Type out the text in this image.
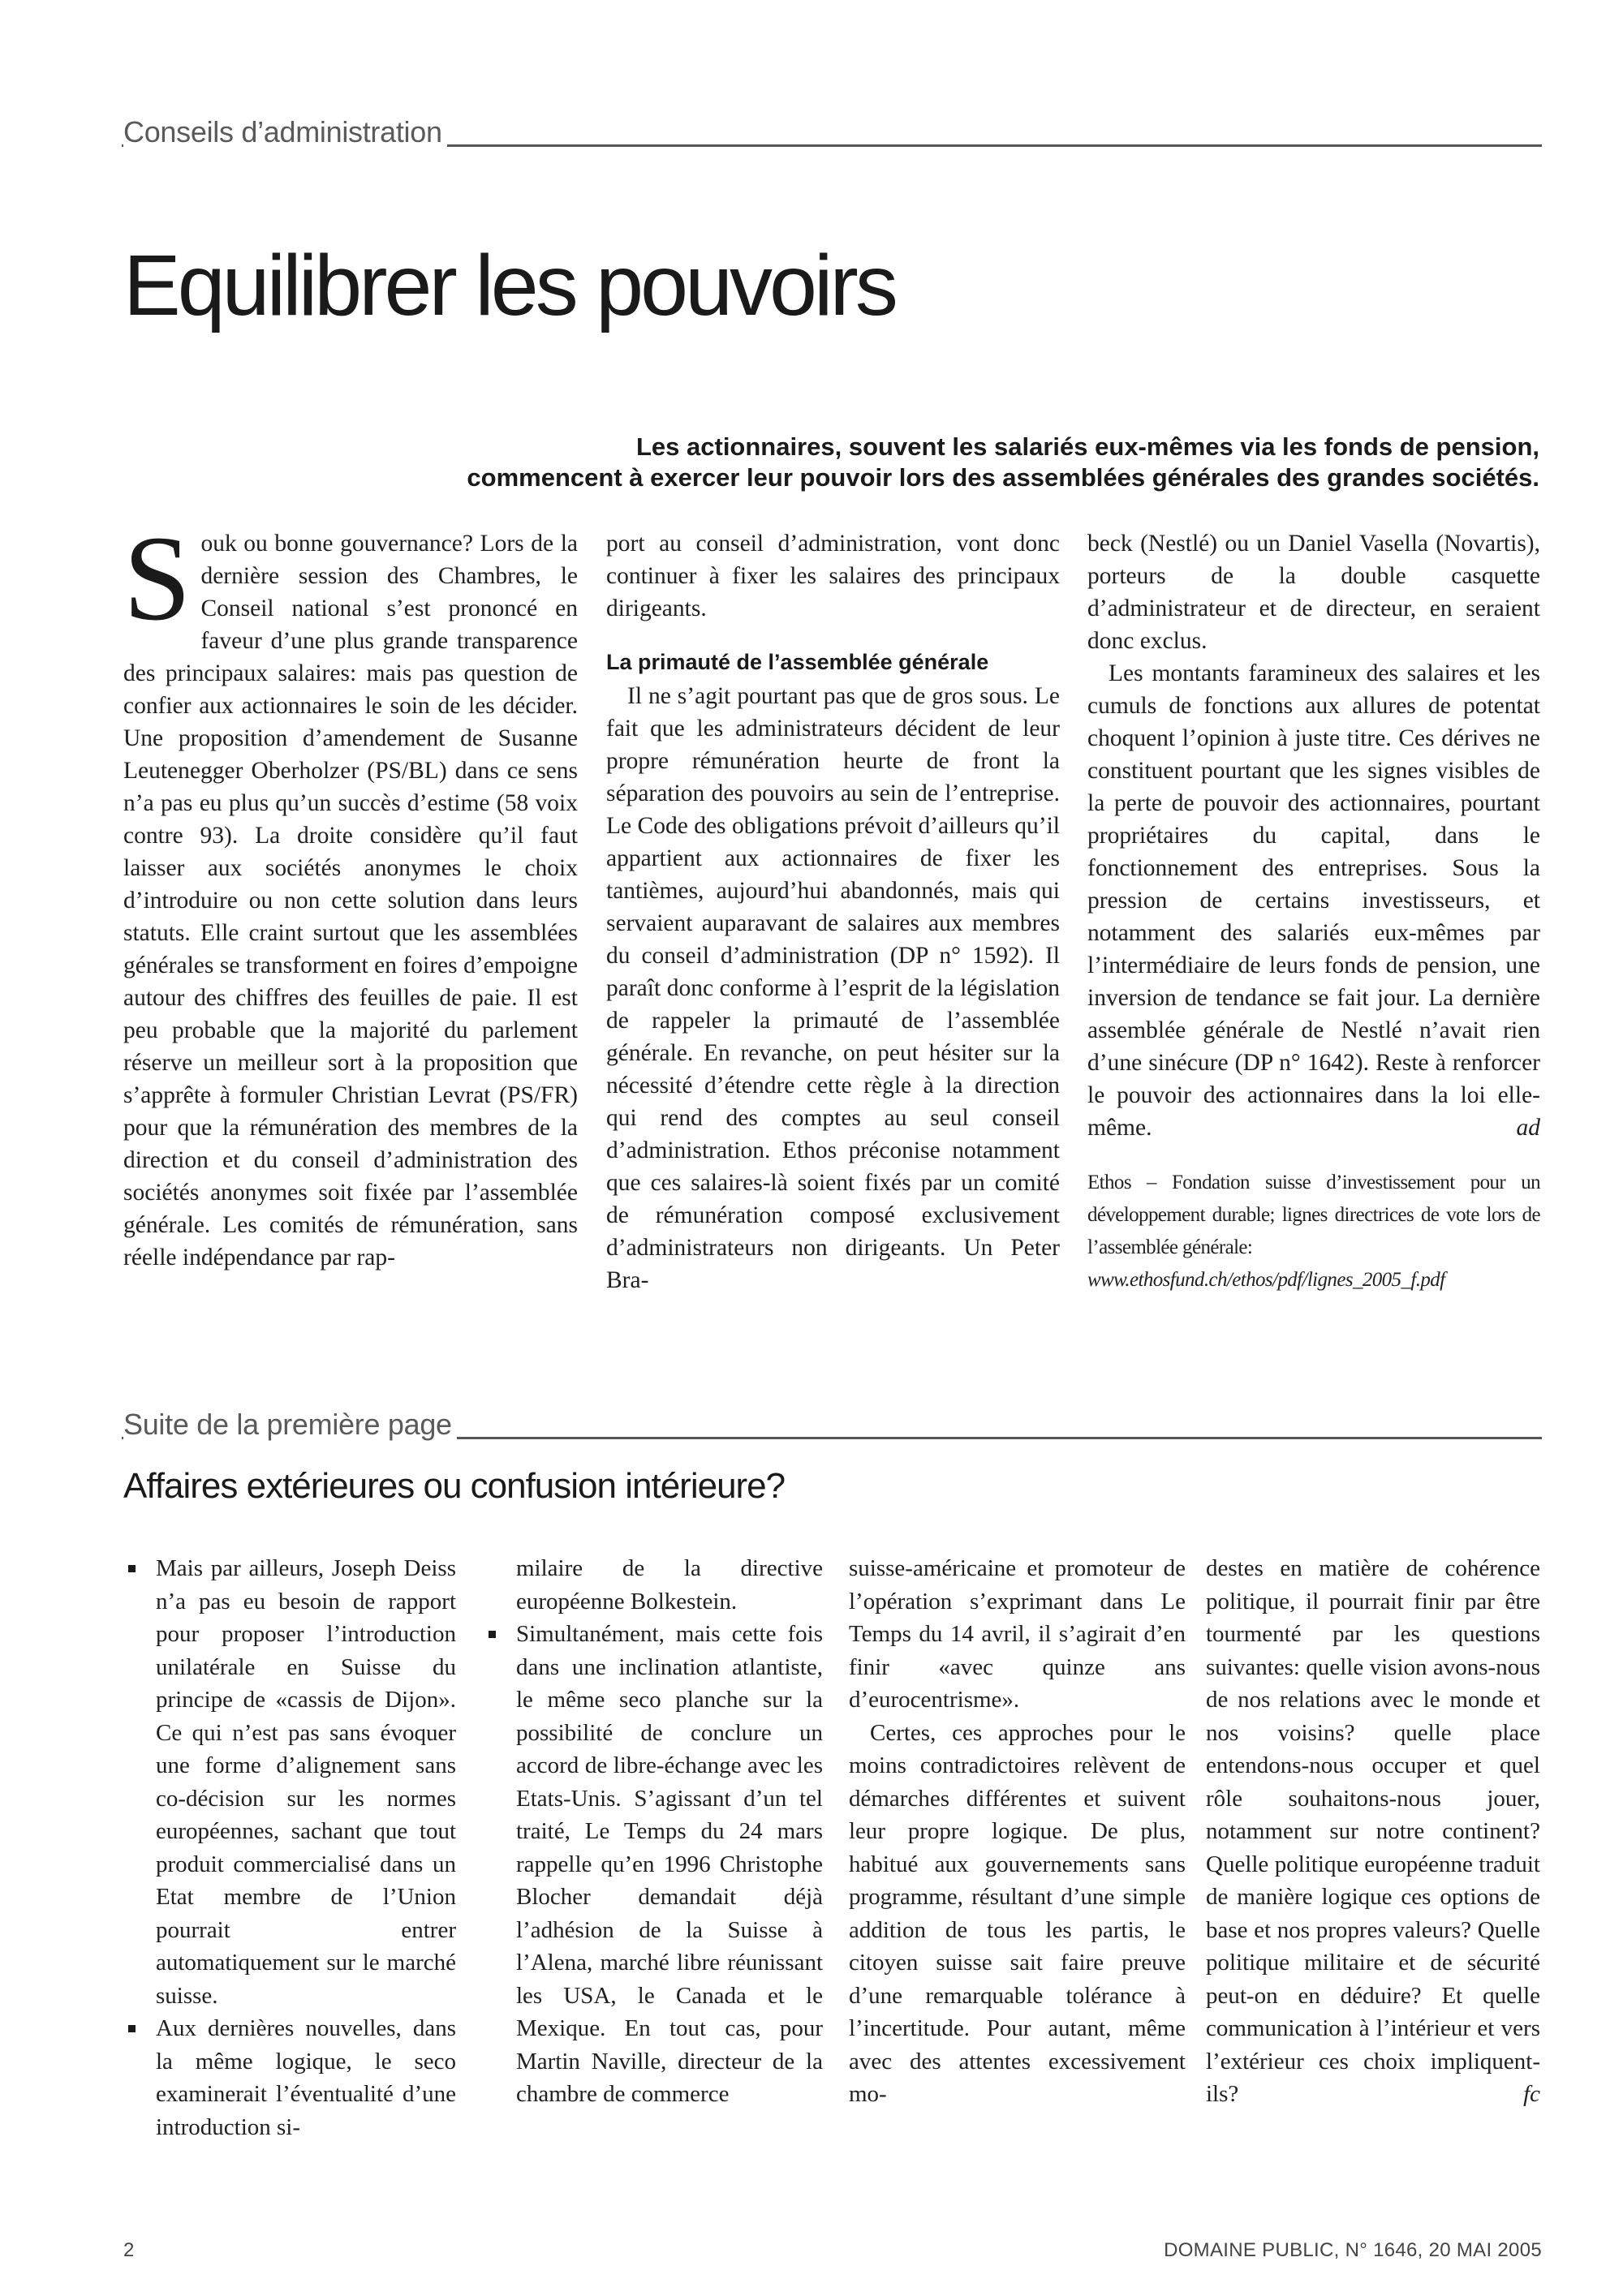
Conseils d’administration
Equilibrer les pouvoirs
Les actionnaires, souvent les salariés eux-mêmes via les fonds de pension,
commencent à exercer leur pouvoir lors des assemblées générales des grandes sociétés.

Souk ou bonne gouvernance? Lors de la dernière session des Chambres, le Conseil national s’est prononcé en faveur d’une plus grande transparence des principaux salaires: mais pas question de confier aux actionnaires le soin de les décider. Une proposition d’amendement de Susanne Leutenegger Oberholzer (PS/BL) dans ce sens n’a pas eu plus qu’un succès d’estime (58 voix contre 93). La droite considère qu’il faut laisser aux sociétés anonymes le choix d’introduire ou non cette solution dans leurs statuts. Elle craint surtout que les assemblées générales se transforment en foires d’empoigne autour des chiffres des feuilles de paie. Il est peu probable que la majorité du parlement réserve un meilleur sort à la proposition que s’apprête à formuler Christian Levrat (PS/FR) pour que la rémunération des membres de la direction et du conseil d’administration des sociétés anonymes soit fixée par l’assemblée générale. Les comités de rémunération, sans réelle indépendance par rap-

port au conseil d’administration, vont donc continuer à fixer les salaires des principaux dirigeants.

La primauté de l’assemblée générale

Il ne s’agit pourtant pas que de gros sous. Le fait que les administrateurs décident de leur propre rémunération heurte de front la séparation des pouvoirs au sein de l’entreprise. Le Code des obligations prévoit d’ailleurs qu’il appartient aux actionnaires de fixer les tantièmes, aujourd’hui abandonnés, mais qui servaient auparavant de salaires aux membres du conseil d’administration (DP n° 1592). Il paraît donc conforme à l’esprit de la législation de rappeler la primauté de l’assemblée générale. En revanche, on peut hésiter sur la nécessité d’étendre cette règle à la direction qui rend des comptes au seul conseil d’administration. Ethos préconise notamment que ces salaires-là soient fixés par un comité de rémunération composé exclusivement d’administrateurs non dirigeants. Un Peter Bra-

beck (Nestlé) ou un Daniel Vasella (Novartis), porteurs de la double casquette d’administrateur et de directeur, en seraient donc exclus.

Les montants faramineux des salaires et les cumuls de fonctions aux allures de potentat choquent l’opinion à juste titre. Ces dérives ne constituent pourtant que les signes visibles de la perte de pouvoir des actionnaires, pourtant propriétaires du capital, dans le fonctionnement des entreprises. Sous la pression de certains investisseurs, et notamment des salariés eux-mêmes par l’intermédiaire de leurs fonds de pension, une inversion de tendance se fait jour. La dernière assemblée générale de Nestlé n’avait rien d’une sinécure (DP n° 1642). Reste à renforcer le pouvoir des actionnaires dans la loi elle-même.	ad

Ethos – Fondation suisse d’investissement pour un développement durable; lignes directrices de vote lors de l’assemblée générale:
www.ethosfund.ch/ethos/pdf/lignes_2005_f.pdf
Suite de la première page
Affaires extérieures ou confusion intérieure?

Mais par ailleurs, Joseph Deiss n’a pas eu besoin de rapport pour proposer l’introduction unilatérale en Suisse du principe de «cassis de Dijon». Ce qui n’est pas sans évoquer une forme d’alignement sans co-décision sur les normes européennes, sachant que tout produit commercialisé dans un Etat membre de l’Union pourrait entrer automatiquement sur le marché suisse.

Aux dernières nouvelles, dans la même logique, le seco examinerait l’éventualité d’une introduction si-

milaire de la directive européenne Bolkestein.

Simultanément, mais cette fois dans une inclination atlantiste, le même seco planche sur la possibilité de conclure un accord de libre-échange avec les Etats-Unis. S’agissant d’un tel traité, Le Temps du 24 mars rappelle qu’en 1996 Christophe Blocher demandait déjà l’adhésion de la Suisse à l’Alena, marché libre réunissant les USA, le Canada et le Mexique. En tout cas, pour Martin Naville, directeur de la chambre de commerce

suisse-américaine et promoteur de l’opération s’exprimant dans Le Temps du 14 avril, il s’agirait d’en finir «avec quinze ans d’eurocentrisme».

Certes, ces approches pour le moins contradictoires relèvent de démarches différentes et suivent leur propre logique. De plus, habitué aux gouvernements sans programme, résultant d’une simple addition de tous les partis, le citoyen suisse sait faire preuve d’une remarquable tolérance à l’incertitude. Pour autant, même avec des attentes excessivement mo-

destes en matière de cohérence politique, il pourrait finir par être tourmenté par les questions suivantes: quelle vision avons-nous de nos relations avec le monde et nos voisins? quelle place entendons-nous occuper et quel rôle souhaitons-nous jouer, notamment sur notre continent? Quelle politique européenne traduit de manière logique ces options de base et nos propres valeurs? Quelle politique militaire et de sécurité peut-on en déduire? Et quelle communication à l’intérieur et vers l’extérieur ces choix impliquent-ils?	fc

2	DOMAINE PUBLIC, N° 1646, 20 MAI 2005
